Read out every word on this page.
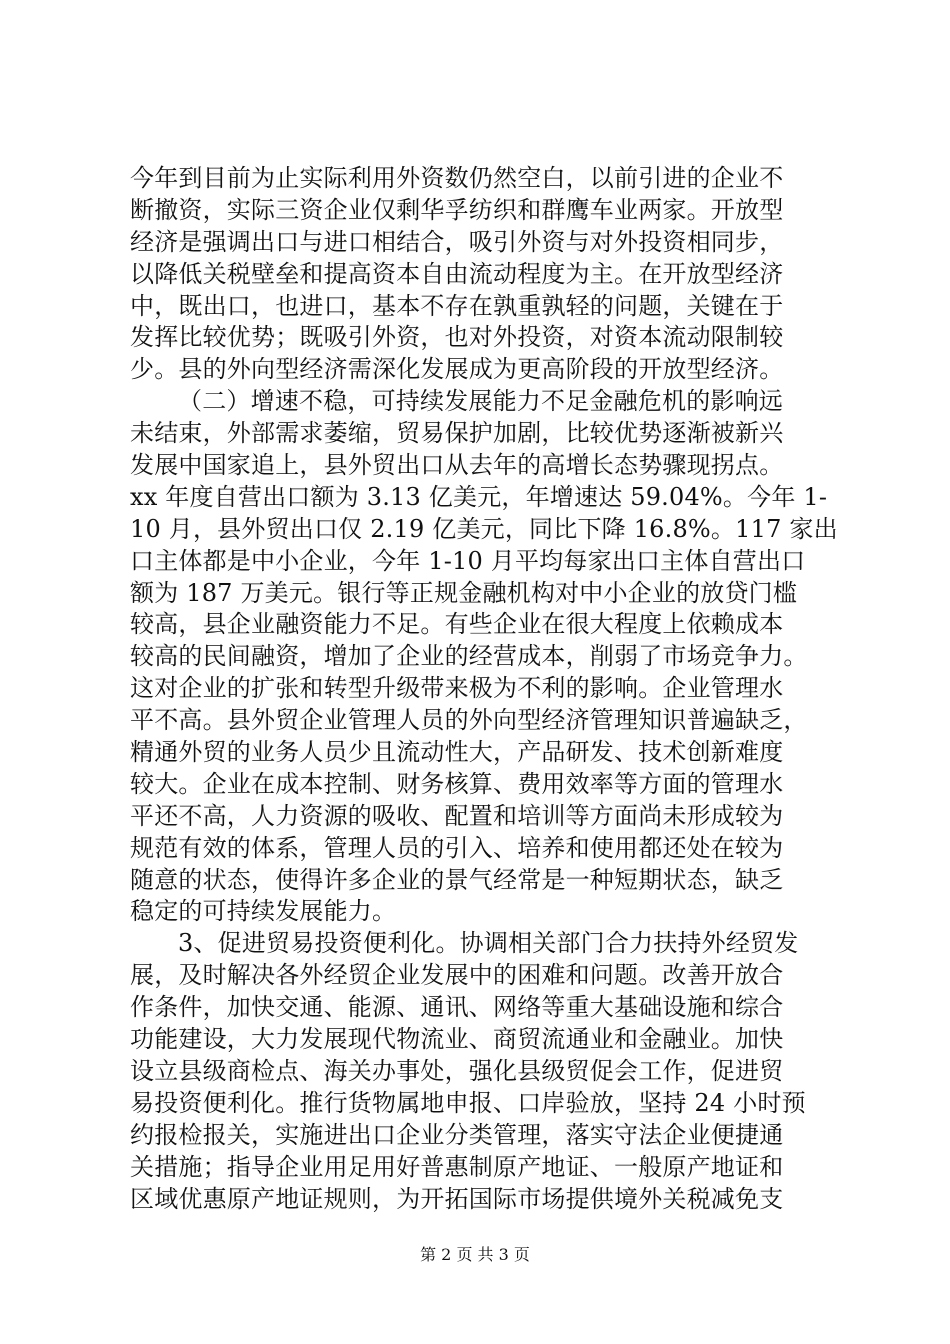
今年到目前为止实际利用外资数仍然空白，以前引进的企业不
断撤资，实际三资企业仅剩华孚纺织和群鹰车业两家。开放型
经济是强调出口与进口相结合，吸引外资与对外投资相同步，
以降低关税壁垒和提高资本自由流动程度为主。在开放型经济
中，既出口，也进口，基本不存在孰重孰轻的问题，关键在于
发挥比较优势；既吸引外资，也对外投资，对资本流动限制较
少。县的外向型经济需深化发展成为更高阶段的开放型经济。
（二）增速不稳，可持续发展能力不足金融危机的影响远
未结束，外部需求萎缩，贸易保护加剧，比较优势逐渐被新兴
发展中国家追上，县外贸出口从去年的高增长态势骤现拐点。
xx 年度自营出口额为 3.13 亿美元，年增速达 59.04%。今年 1-
10 月，县外贸出口仅 2.19 亿美元，同比下降 16.8%。117 家出
口主体都是中小企业，今年 1-10 月平均每家出口主体自营出口
额为 187 万美元。银行等正规金融机构对中小企业的放贷门槛
较高，县企业融资能力不足。有些企业在很大程度上依赖成本
较高的民间融资，增加了企业的经营成本，削弱了市场竞争力。
这对企业的扩张和转型升级带来极为不利的影响。企业管理水
平不高。县外贸企业管理人员的外向型经济管理知识普遍缺乏，
精通外贸的业务人员少且流动性大，产品研发、技术创新难度
较大。企业在成本控制、财务核算、费用效率等方面的管理水
平还不高，人力资源的吸收、配置和培训等方面尚未形成较为
规范有效的体系，管理人员的引入、培养和使用都还处在较为
随意的状态，使得许多企业的景气经常是一种短期状态，缺乏
稳定的可持续发展能力。
3、促进贸易投资便利化。协调相关部门合力扶持外经贸发
展，及时解决各外经贸企业发展中的困难和问题。改善开放合
作条件，加快交通、能源、通讯、网络等重大基础设施和综合
功能建设，大力发展现代物流业、商贸流通业和金融业。加快
设立县级商检点、海关办事处，强化县级贸促会工作，促进贸
易投资便利化。推行货物属地申报、口岸验放，坚持 24 小时预
约报检报关，实施进出口企业分类管理，落实守法企业便捷通
关措施；指导企业用足用好普惠制原产地证、一般原产地证和
区域优惠原产地证规则，为开拓国际市场提供境外关税减免支
第 2 页 共 3 页
